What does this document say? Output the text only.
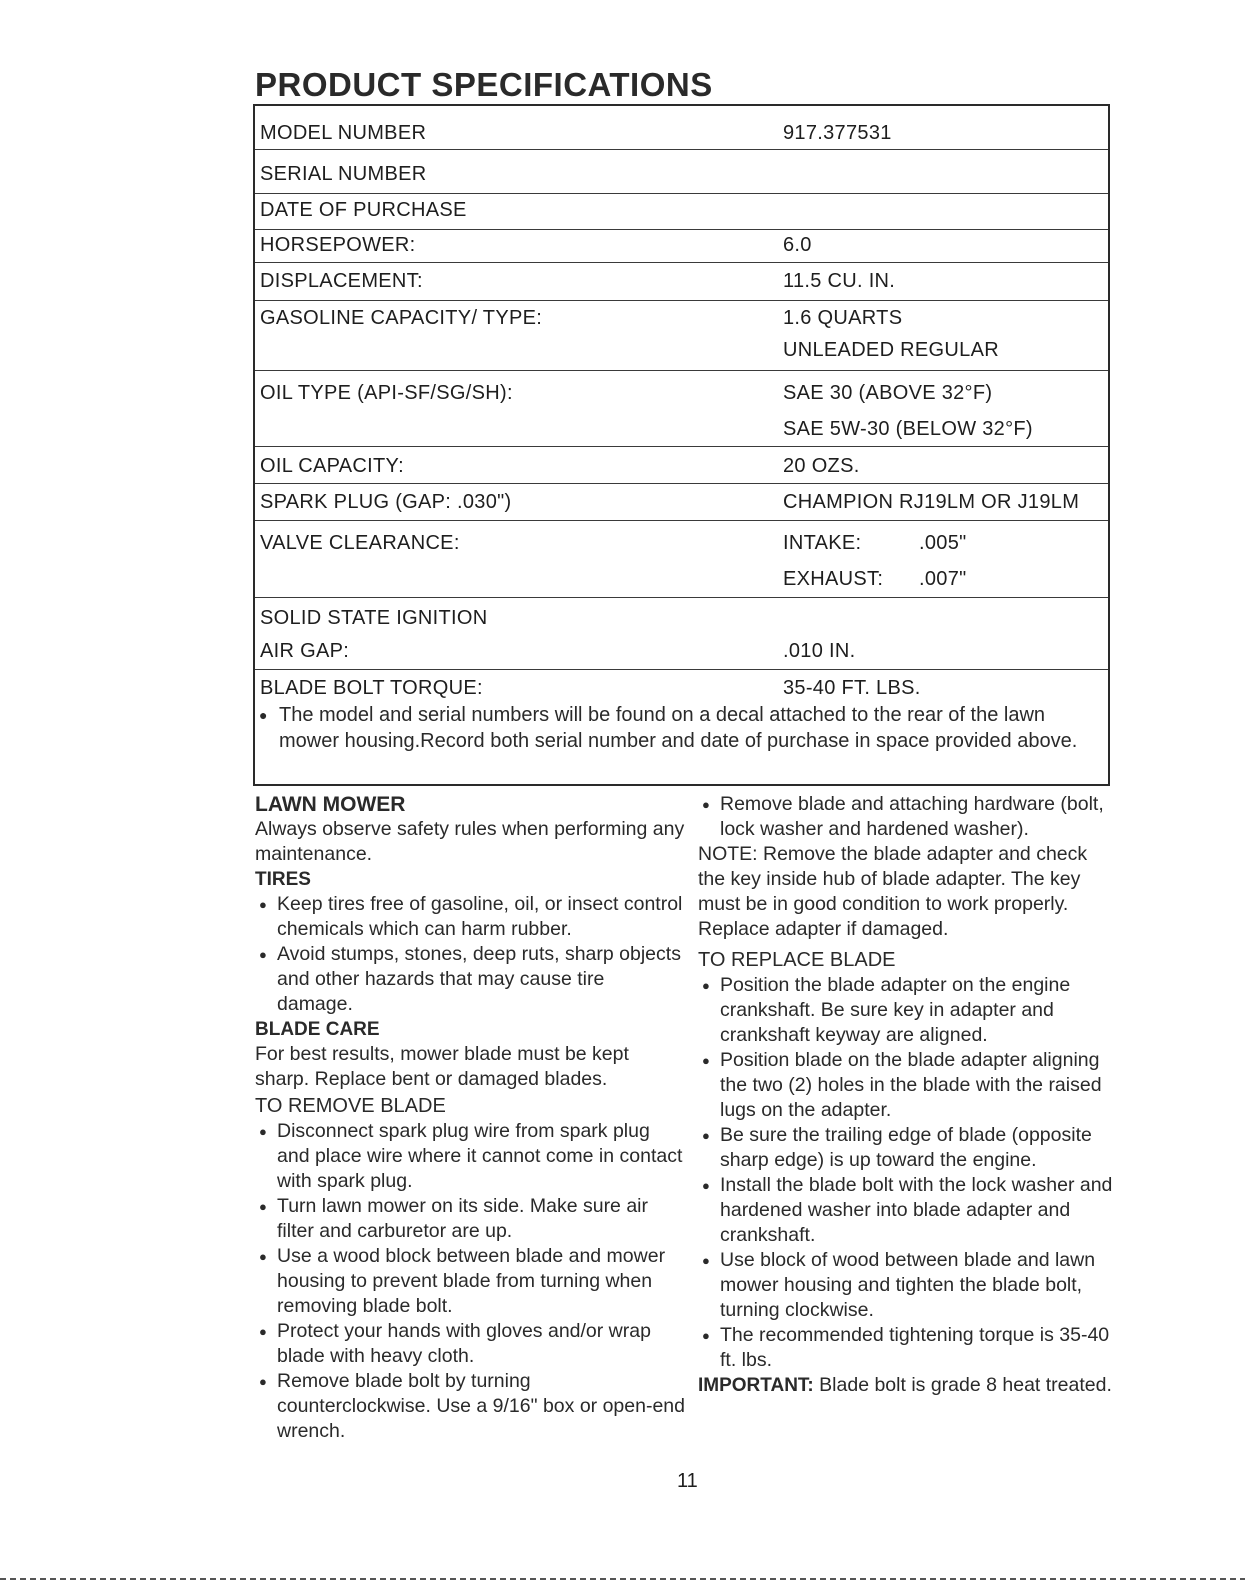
PRODUCT SPECIFICATIONS
MODEL NUMBER	917.377531
SERIAL NUMBER
DATE OF PURCHASE
HORSEPOWER:	6.0
DISPLACEMENT:	11.5 CU. IN.
GASOLINE CAPACITY/ TYPE:	1.6 QUARTS
UNLEADED REGULAR
OIL TYPE (API-SF/SG/SH):	SAE 30 (ABOVE 32°F)
SAE 5W-30 (BELOW 32°F)
OIL CAPACITY:	20 OZS.
SPARK PLUG (GAP: .030")	CHAMPION RJ19LM OR J19LM
VALVE CLEARANCE:	INTAKE:	.005"
EXHAUST: .007"
SOLID STATE IGNITION
AIR GAP:	.010 IN.
BLADE BOLT TORQUE:	35-40 FT. LBS.
● The model and serial numbers will be found on a decal attached to the rear of the lawn mower housing.Record both serial number and date of purchase in space provided above.
LAWN MOWER
Always observe safety rules when performing any maintenance.
TIRES
● Keep tires free of gasoline, oil, or insect control chemicals which can harm rubber.
● Avoid stumps, stones, deep ruts, sharp objects and other hazards that may cause tire damage.
BLADE CARE
For best results, mower blade must be kept sharp. Replace bent or damaged blades.
TO REMOVE BLADE
● Disconnect spark plug wire from spark plug and place wire where it cannot come in contact with spark plug.
● Turn lawn mower on its side. Make sure air filter and carburetor are up.
● Use a wood block between blade and mower housing to prevent blade from turning when removing blade bolt.
● Protect your hands with gloves and/or wrap blade with heavy cloth.
● Remove blade bolt by turning counterclockwise. Use a 9/16" box or open-end wrench.
● Remove blade and attaching hardware (bolt, lock washer and hardened washer).
NOTE: Remove the blade adapter and check the key inside hub of blade adapter. The key must be in good condition to work properly. Replace adapter if damaged.
TO REPLACE BLADE
● Position the blade adapter on the engine crankshaft. Be sure key in adapter and crankshaft keyway are aligned.
● Position blade on the blade adapter aligning the two (2) holes in the blade with the raised lugs on the adapter.
● Be sure the trailing edge of blade (opposite sharp edge) is up toward the engine.
● Install the blade bolt with the lock washer and hardened washer into blade adapter and crankshaft.
● Use block of wood between blade and lawn mower housing and tighten the blade bolt, turning clockwise.
● The recommended tightening torque is 35-40 ft. lbs.
IMPORTANT: Blade bolt is grade 8 heat treated.
11
